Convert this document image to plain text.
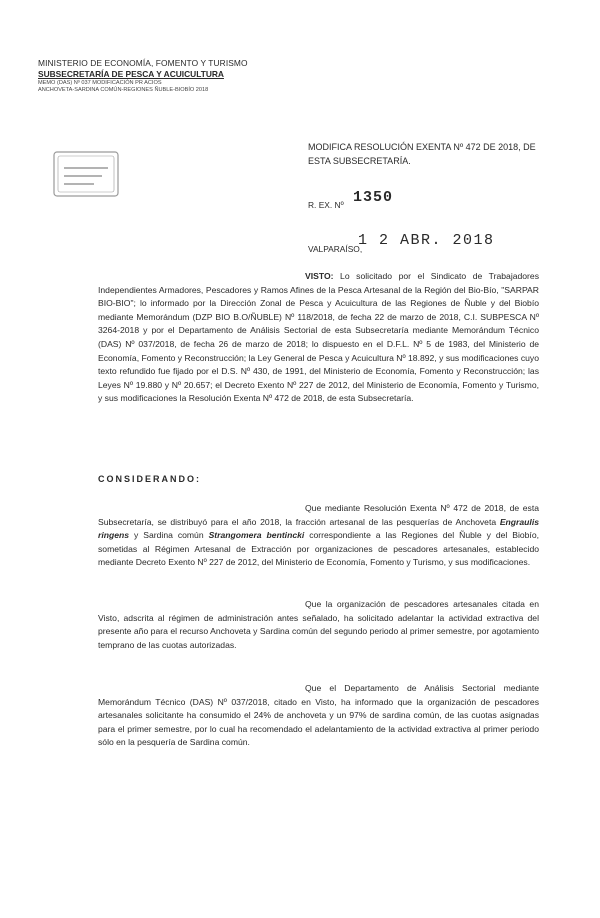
MINISTERIO DE ECONOMÍA, FOMENTO Y TURISMO
SUBSECRETARÍA DE PESCA Y ACUICULTURA
MEMO (DAS) Nº 037 MODIFICACIÓN PR ACIOS
ANCHOVETA-SARDINA COMÚN-REGIONES ÑUBLE-BIOBÍO 2018
MODIFICA RESOLUCIÓN EXENTA Nº 472 DE 2018, DE ESTA SUBSECRETARÍA.
R. EX. Nº 1350
VALPARAÍSO,
1 2 ABR. 2018
VISTO: Lo solicitado por el Sindicato de Trabajadores Independientes Armadores, Pescadores y Ramos Afines de la Pesca Artesanal de la Región del Bio-Bío, "SARPAR BIO-BIO"; lo informado por la Dirección Zonal de Pesca y Acuicultura de las Regiones de Ñuble y del Biobío mediante Memorándum (DZP BIO B.O/ÑUBLE) Nº 118/2018, de fecha 22 de marzo de 2018, C.I. SUBPESCA Nº 3264-2018 y por el Departamento de Análisis Sectorial de esta Subsecretaría mediante Memorándum Técnico (DAS) Nº 037/2018, de fecha 26 de marzo de 2018; lo dispuesto en el D.F.L. Nº 5 de 1983, del Ministerio de Economía, Fomento y Reconstrucción; la Ley General de Pesca y Acuicultura Nº 18.892, y sus modificaciones cuyo texto refundido fue fijado por el D.S. Nº 430, de 1991, del Ministerio de Economía, Fomento y Reconstrucción; las Leyes Nº 19.880 y Nº 20.657; el Decreto Exento Nº 227 de 2012, del Ministerio de Economía, Fomento y Turismo, y sus modificaciones la Resolución Exenta Nº 472 de 2018, de esta Subsecretaría.
CONSIDERANDO:
Que mediante Resolución Exenta Nº 472 de 2018, de esta Subsecretaría, se distribuyó para el año 2018, la fracción artesanal de las pesquerías de Anchoveta Engraulis ringens y Sardina común Strangomera bentincki correspondiente a las Regiones del Ñuble y del Biobío, sometidas al Régimen Artesanal de Extracción por organizaciones de pescadores artesanales, establecido mediante Decreto Exento Nº 227 de 2012, del Ministerio de Economía, Fomento y Turismo, y sus modificaciones.
Que la organización de pescadores artesanales citada en Visto, adscrita al régimen de administración antes señalado, ha solicitado adelantar la actividad extractiva del presente año para el recurso Anchoveta y Sardina común del segundo periodo al primer semestre, por agotamiento temprano de las cuotas autorizadas.
Que el Departamento de Análisis Sectorial mediante Memorándum Técnico (DAS) Nº 037/2018, citado en Visto, ha informado que la organización de pescadores artesanales solicitante ha consumido el 24% de anchoveta y un 97% de sardina común, de las cuotas asignadas para el primer semestre, por lo cual ha recomendado el adelantamiento de la actividad extractiva al primer periodo sólo en la pesquería de Sardina común.
